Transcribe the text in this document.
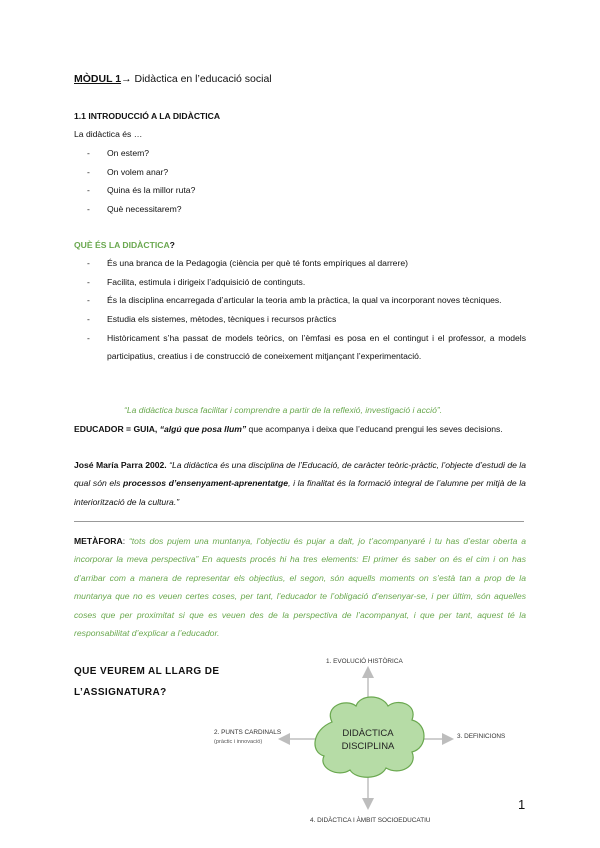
MÒDUL 1→ Didàctica en l’educació social
1.1 INTRODUCCIÓ A LA DIDÀCTICA
La didàctica és …
- On estem?
- On volem anar?
- Quina és la millor ruta?
- Què necessitarem?
QUÈ ÉS LA DIDÀCTICA?
- És una branca de la Pedagogia (ciència per què té fonts empíriques al darrere)
- Facilita, estimula i dirigeix l’adquisició de continguts.
- És la disciplina encarregada d’articular la teoria amb la pràctica, la qual va incorporant noves tècniques.
- Estudia els sistemes, mètodes, tècniques i recursos pràctics
- Històricament s’ha passat de models teòrics, on l’èmfasi es posa en el contingut i el professor, a models participatius, creatius i de construcció de coneixement mitjançant l’experimentació.
“La didàctica busca facilitar i comprendre a partir de la reflexió, investigació i acció”.
EDUCADOR = GUIA, “algú que posa llum” que acompanya i deixa que l’educand prengui les seves decisions.
José María Parra 2002. “La didàctica és una disciplina de l’Educació, de caràcter teòric-pràctic, l’objecte d’estudi de la qual són els processos d’ensenyament-aprenentatge, i la finalitat és la formació integral de l’alumne per mitjà de la interiorització de la cultura.”
METÀFORA: “tots dos pujem una muntanya, l’objectiu és pujar a dalt, jo t’acompanyaré i tu has d’estar oberta a incorporar la meva perspectiva” En aquests procés hi ha tres elements: El primer és saber on és el cim i on has d’arribar com a manera de representar els objectius, el segon, són aquells moments on s’està tan a prop de la muntanya que no es veuen certes coses, per tant, l’educador te l’obligació d’ensenyar-se, i per últim, són aquelles coses que per proximitat si que es veuen des de la perspectiva de l’acompanyat, i que per tant, aquest té la responsabilitat d’explicar a l’educador.
QUE VEUREM AL LLARG DE
L’ASSIGNATURA?
DIDÀCTICA
DISCIPLINA
1. EVOLUCIÓ HISTÒRICA
2. PUNTS CARDINALS
(pràctic i innovació)
3. DEFINICIONS
4. DIDÀCTICA I ÀMBIT SOCIOEDUCATIU
1
